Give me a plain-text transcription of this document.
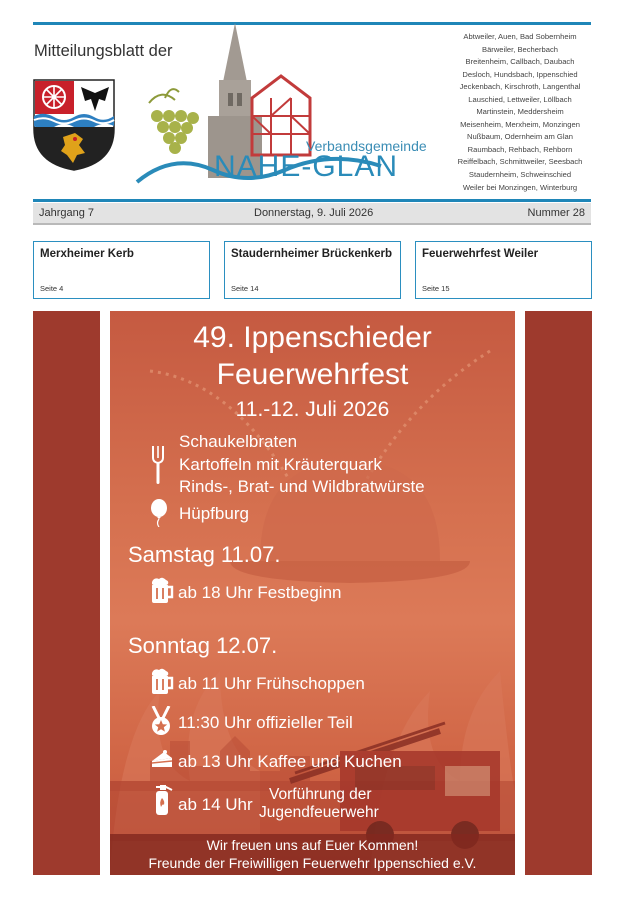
Mitteilungsblatt der
Verbandsgemeinde
NAHE-GLAN
Abtweiler, Auen, Bad Sobernheim
Bärweiler, Becherbach
Breitenheim, Callbach, Daubach
Desloch, Hundsbach, Ippenschied
Jeckenbach, Kirschroth, Langenthal
Lauschied, Lettweiler, Löllbach
Martinstein, Meddersheim
Meisenheim, Merxheim, Monzingen
Nußbaum, Odernheim am Glan
Raumbach, Rehbach, Rehborn
Reiffelbach, Schmittweiler, Seesbach
Staudernheim, Schweinschied
Weiler bei Monzingen, Winterburg
Jahrgang 7	Donnerstag, 9. Juli 2026	Nummer 28
Merxheimer Kerb
Seite 4
Staudernheimer Brückenkerb
Seite 14
Feuerwehrfest Weiler
Seite 15
49. Ippenschieder
Feuerwehrfest
11.-12. Juli 2026
Schaukelbraten
Kartoffeln mit Kräuterquark
Rinds-, Brat- und Wildbratwürste
Hüpfburg
Samstag 11.07.
ab 18 Uhr Festbeginn
Sonntag 12.07.
ab 11 Uhr Frühschoppen
11:30 Uhr offizieller Teil
ab 13 Uhr Kaffee und Kuchen
ab 14 Uhr
Vorführung der
Jugendfeuerwehr
Wir freuen uns auf Euer Kommen!
Freunde der Freiwilligen Feuerwehr Ippenschied e.V.
